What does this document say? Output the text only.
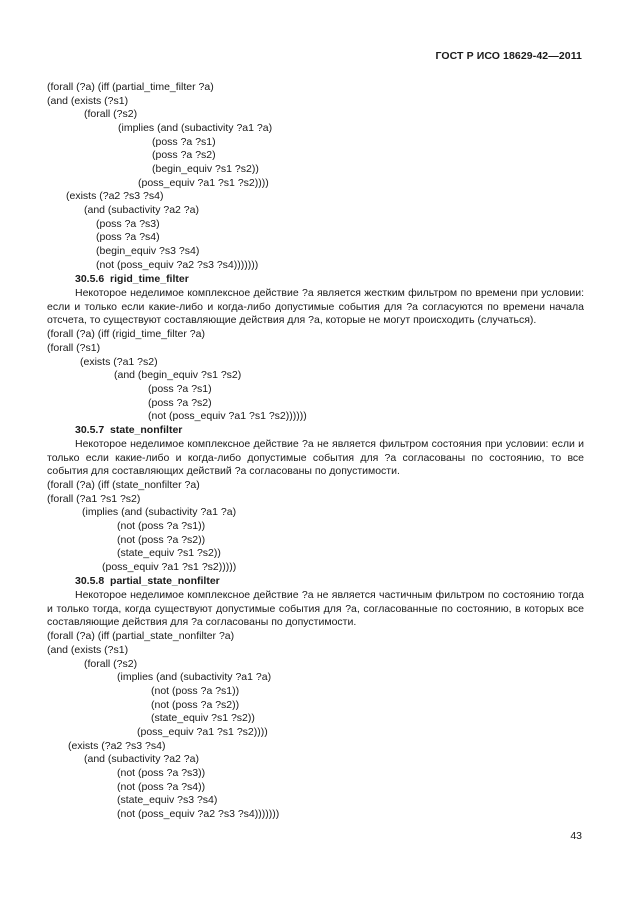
ГОСТ Р ИСО 18629-42—2011
(forall (?a) (iff (partial_time_filter ?a)
(and (exists (?s1)
(forall (?s2)
(implies (and (subactivity ?a1 ?a)
(poss ?a ?s1)
(poss ?a ?s2)
(begin_equiv ?s1 ?s2))
(poss_equiv ?a1 ?s1 ?s2))))
(exists (?a2 ?s3 ?s4)
(and (subactivity ?a2 ?a)
(poss ?a ?s3)
(poss ?a ?s4)
(begin_equiv ?s3 ?s4)
(not (poss_equiv ?a2 ?s3 ?s4)))))))
30.5.6 rigid_time_filter
Некоторое неделимое комплексное действие ?a является жестким фильтром по времени при условии: если и только если какие-либо и когда-либо допустимые события для ?a согласуются по времени начала отсчета, то существуют составляющие действия для ?a, которые не могут происходить (случаться).
(forall (?a) (iff (rigid_time_filter ?a)
(forall (?s1)
(exists (?a1 ?s2)
(and (begin_equiv ?s1 ?s2)
(poss ?a ?s1)
(poss ?a ?s2)
(not (poss_equiv ?a1 ?s1 ?s2))))))
30.5.7 state_nonfilter
Некоторое неделимое комплексное действие ?a не является фильтром состояния при условии: если и только если какие-либо и когда-либо допустимые события для ?a согласованы по состоянию, то все события для составляющих действий ?a согласованы по допустимости.
(forall (?a) (iff (state_nonfilter ?a)
(forall (?a1 ?s1 ?s2)
(implies (and (subactivity ?a1 ?a)
(not (poss ?a ?s1))
(not (poss ?a ?s2))
(state_equiv ?s1 ?s2))
(poss_equiv ?a1 ?s1 ?s2)))))
30.5.8 partial_state_nonfilter
Некоторое неделимое комплексное действие ?a не является частичным фильтром по состоянию тогда и только тогда, когда существуют допустимые события для ?a, согласованные по состоянию, в которых все составляющие действия для ?a согласованы по допустимости.
(forall (?a) (iff (partial_state_nonfilter ?a)
(and (exists (?s1)
(forall (?s2)
(implies (and (subactivity ?a1 ?a)
(not (poss ?a ?s1))
(not (poss ?a ?s2))
(state_equiv ?s1 ?s2))
(poss_equiv ?a1 ?s1 ?s2))))
(exists (?a2 ?s3 ?s4)
(and (subactivity ?a2 ?a)
(not (poss ?a ?s3))
(not (poss ?a ?s4))
(state_equiv ?s3 ?s4)
(not (poss_equiv ?a2 ?s3 ?s4)))))))
43
